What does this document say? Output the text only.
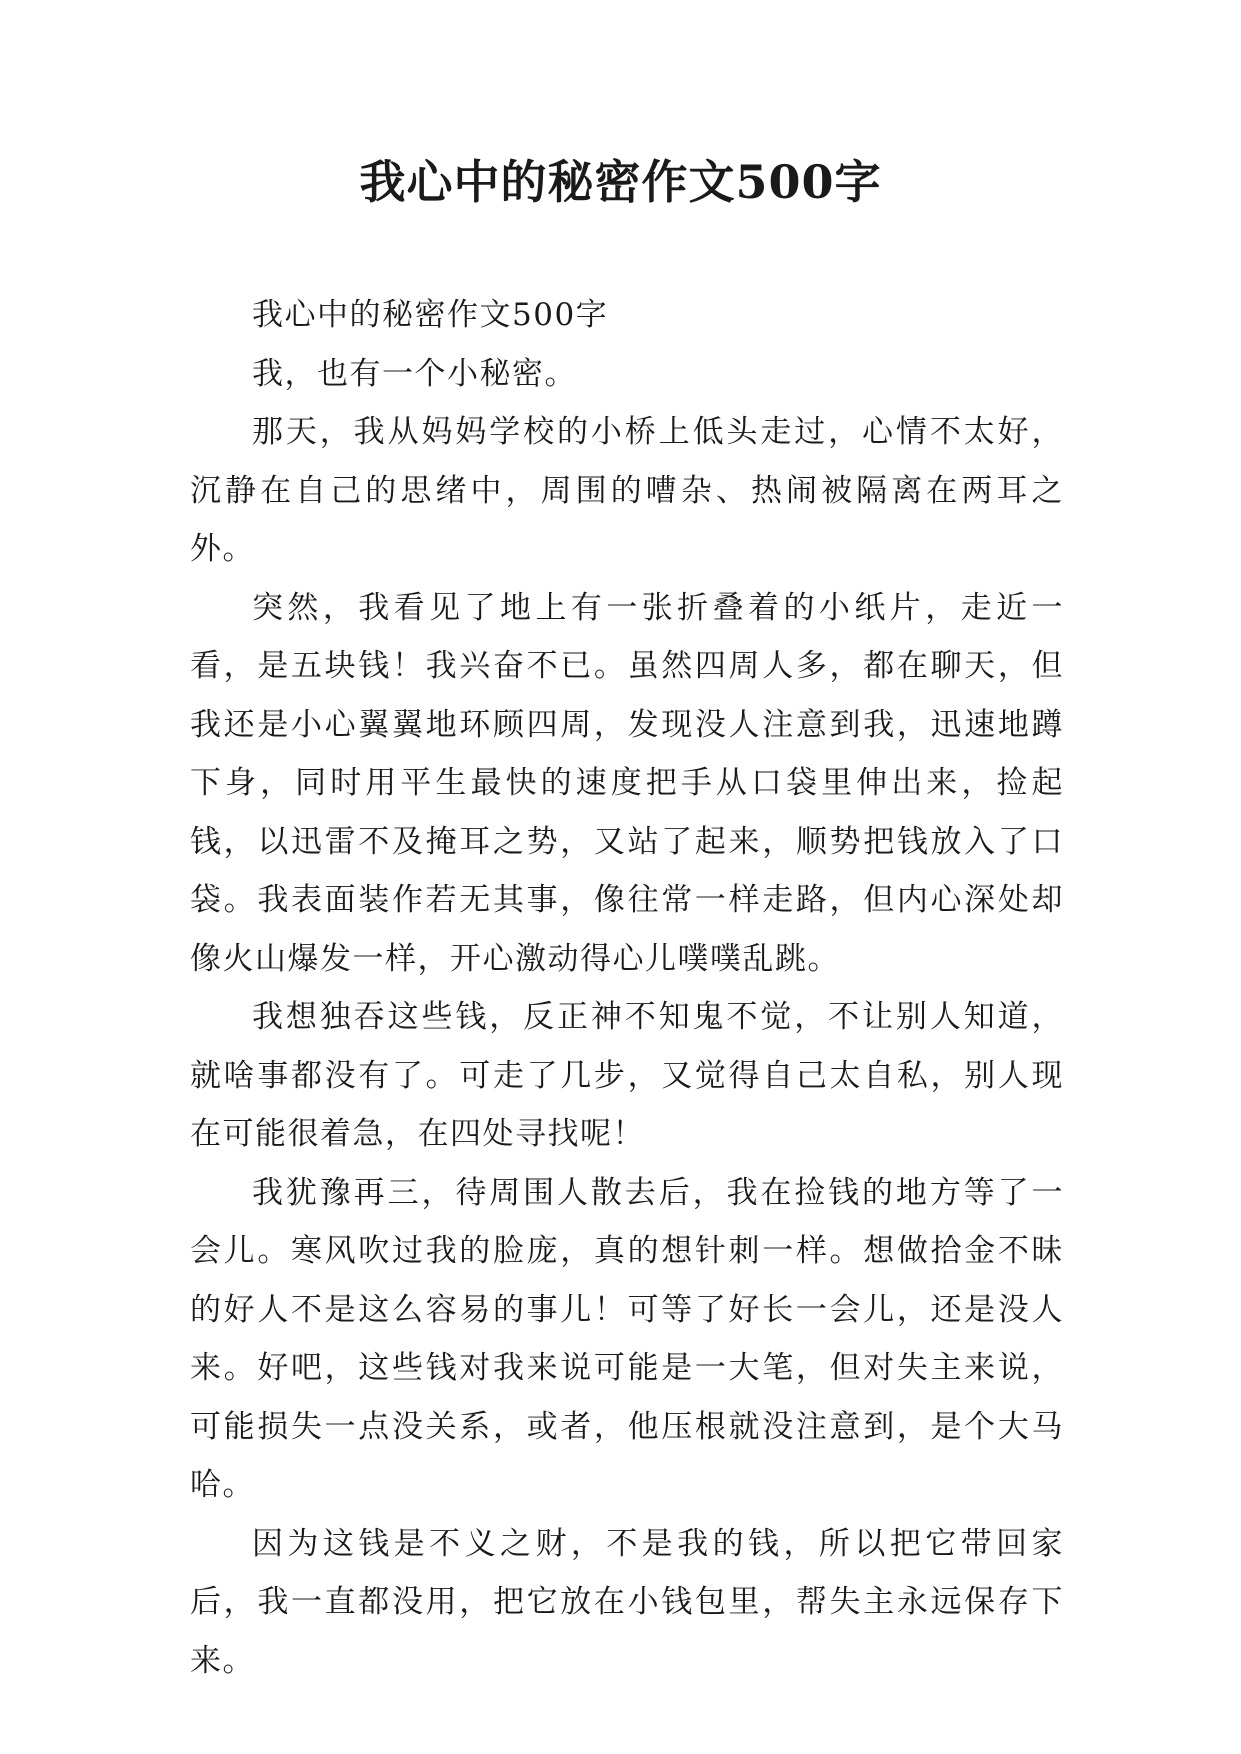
我心中的秘密作文500字

我心中的秘密作文500字

我，也有一个小秘密。

那天，我从妈妈学校的小桥上低头走过，心情不太好，沉静在自己的思绪中，周围的嘈杂、热闹被隔离在两耳之外。

突然，我看见了地上有一张折叠着的小纸片，走近一看，是五块钱！我兴奋不已。虽然四周人多，都在聊天，但我还是小心翼翼地环顾四周，发现没人注意到我，迅速地蹲下身，同时用平生最快的速度把手从口袋里伸出来，捡起钱，以迅雷不及掩耳之势，又站了起来，顺势把钱放入了口袋。我表面装作若无其事，像往常一样走路，但内心深处却像火山爆发一样，开心激动得心儿噗噗乱跳。

我想独吞这些钱，反正神不知鬼不觉，不让别人知道，就啥事都没有了。可走了几步，又觉得自己太自私，别人现在可能很着急，在四处寻找呢！

我犹豫再三，待周围人散去后，我在捡钱的地方等了一会儿。寒风吹过我的脸庞，真的想针刺一样。想做拾金不昧的好人不是这么容易的事儿！可等了好长一会儿，还是没人来。好吧，这些钱对我来说可能是一大笔，但对失主来说，可能损失一点没关系，或者，他压根就没注意到，是个大马哈。

因为这钱是不义之财，不是我的钱，所以把它带回家后，我一直都没用，把它放在小钱包里，帮失主永远保存下来。
